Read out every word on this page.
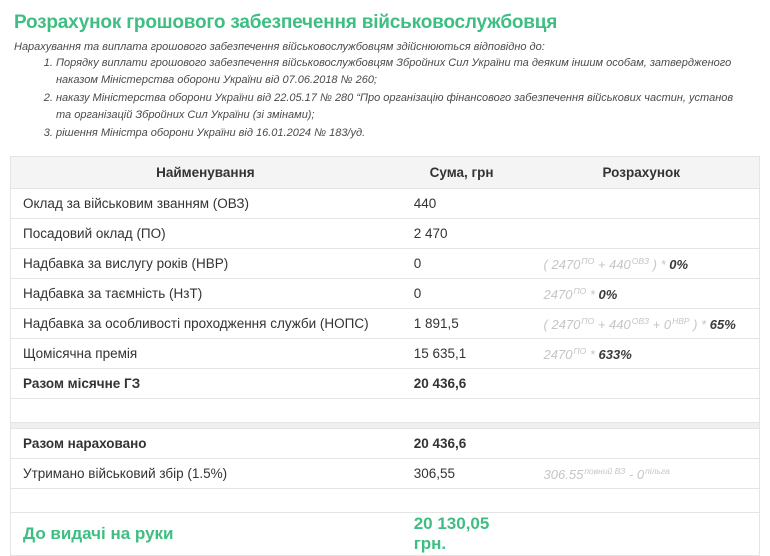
Розрахунок грошового забезпечення військовослужбовця

Нарахування та виплата грошового забезпечення військовослужбовцям здійснюються відповідно до:

1. Порядку виплати грошового забезпечення військовослужбовцям Збройних Сил України та деяким іншим особам, затвердженого наказом Міністерства оборони України від 07.06.2018 № 260;
2. наказу Міністерства оборони України від 22.05.17 № 280 “Про організацію фінансового забезпечення військових частин, установ та організацій Збройних Сил України (зі змінами);
3. рішення Міністра оборони України від 16.01.2024 № 183/уд.
Найменування	Сума, грн	Розрахунок
Оклад за військовим званням (ОВЗ)	440	
Посадовий оклад (ПО)	2 470	
Надбавка за вислугу років (НВР)	0	( $2470^{ПО} + 440^{ОВЗ}$ ) * 0%
Надбавка за таємність (НзТ)	0	$2470^{ПО} * 0\%$
Надбавка за особливості проходження служби (НОПС)	1 891,5	( $2470^{ПО} + 440^{ОВЗ} + 0^{НВР}$ ) * 65%
Щомісячна премія	15 635,1	$2470^{ПО} * 633\%$
Разом місячне ГЗ	20 436,6	

Разом нараховано	20 436,6	
Утримано військовий збір (1.5%)	306,55	$306.55^{повний ВЗ} - 0^{пільга}$

До видачі на руки	20 130,05 грн.	
